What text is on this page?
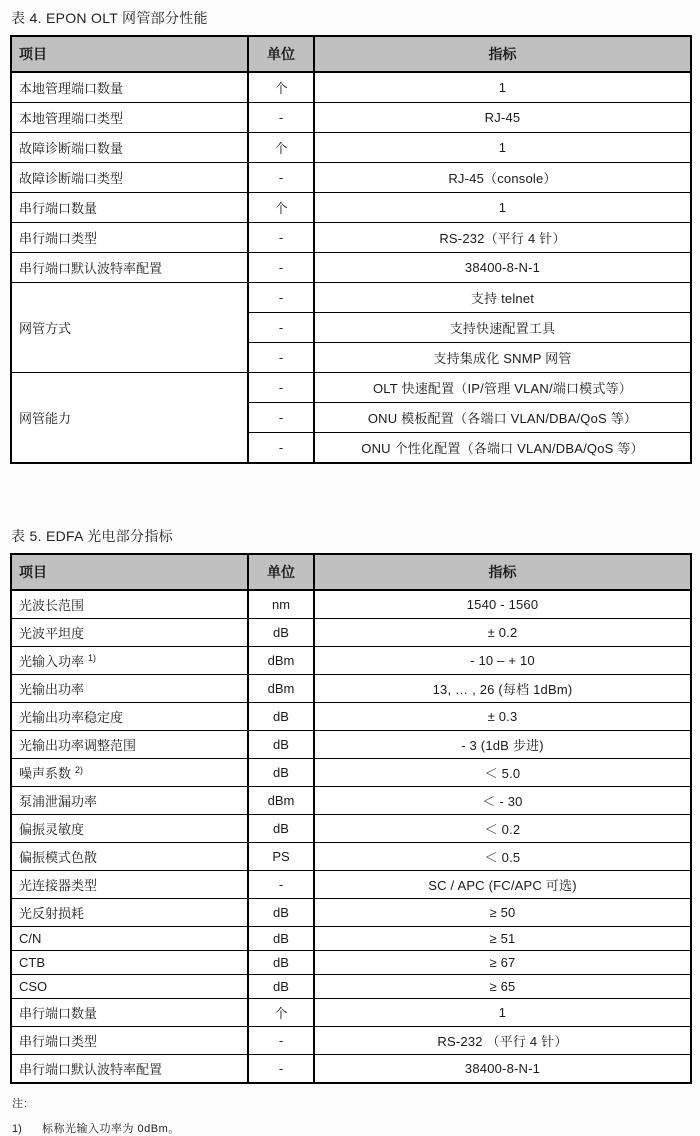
表 4. EPON OLT 网管部分性能
项目	单位	指标
本地管理端口数量	个	1
本地管理端口类型	-	RJ-45
故障诊断端口数量	个	1
故障诊断端口类型	-	RJ-45（console）
串行端口数量	个	1
串行端口类型	-	RS-232（平行 4 针）
串行端口默认波特率配置	-	38400-8-N-1
网管方式	-	支持 telnet
	-	支持快速配置工具
	-	支持集成化 SNMP 网管
网管能力	-	OLT 快速配置（IP/管理 VLAN/端口模式等）
	-	ONU 模板配置（各端口 VLAN/DBA/QoS 等）
	-	ONU 个性化配置（各端口 VLAN/DBA/QoS 等）
表 5. EDFA 光电部分指标
项目	单位	指标
光波长范围	nm	1540 - 1560
光波平坦度	dB	± 0.2
光输入功率 $^{1)}$	dBm	- 10 – + 10
光输出功率	dBm	13, … , 26 (每档 1dBm)
光输出功率稳定度	dB	± 0.3
光输出功率调整范围	dB	- 3 (1dB 步进)
噪声系数 $^{2)}$	dB	＜ 5.0
泵浦泄漏功率	dBm	＜ - 30
偏振灵敏度	dB	＜ 0.2
偏振模式色散	PS	＜ 0.5
光连接器类型	-	SC / APC (FC/APC 可选)
光反射损耗	dB	≥ 50
C/N	dB	≥ 51
CTB	dB	≥ 67
CSO	dB	≥ 65
串行端口数量	个	1
串行端口类型	-	RS-232 （平行 4 针）
串行端口默认波特率配置	-	38400-8-N-1
注:
1)	标称光输入功率为 0dBm。
